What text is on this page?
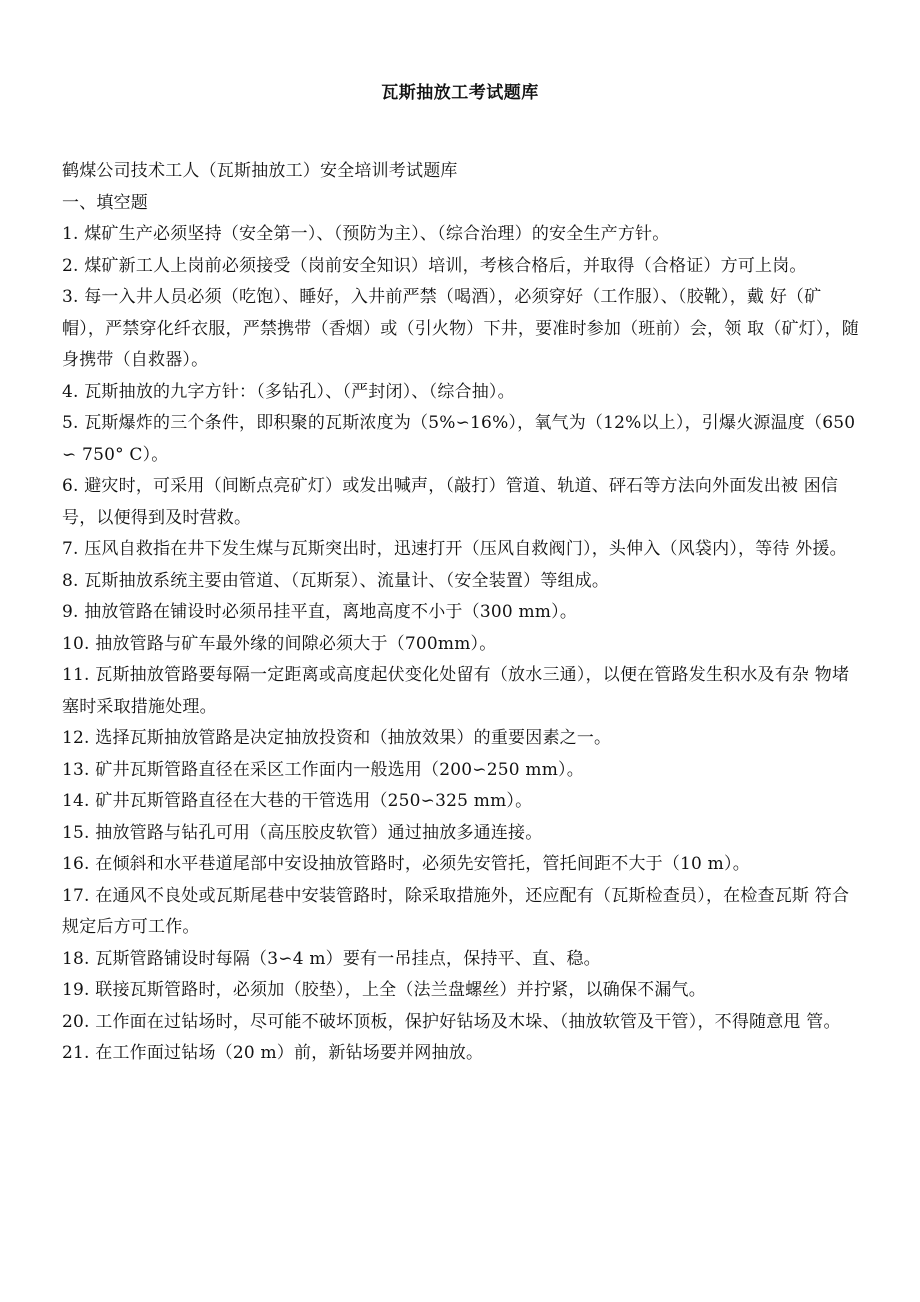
瓦斯抽放工考试题库
鹤煤公司技术工人（瓦斯抽放工）安全培训考试题库
一、填空题
1. 煤矿生产必须坚持（安全第一）、（预防为主）、（综合治理）的安全生产方针。
2. 煤矿新工人上岗前必须接受（岗前安全知识）培训，考核合格后，并取得（合格证）方可上岗。
3. 每一入井人员必须（吃饱）、睡好，入井前严禁（喝酒），必须穿好（工作服）、（胶靴），戴 好（矿帽），严禁穿化纤衣服，严禁携带（香烟）或（引火物）下井，要准时参加（班前）会，领 取（矿灯），随身携带（自救器）。
4. 瓦斯抽放的九字方针：（多钻孔）、（严封闭）、（综合抽）。
5. 瓦斯爆炸的三个条件，即积聚的瓦斯浓度为（5%∽16%），氧气为（12%以上），引爆火源温度（650∽ 750° C）。
6. 避灾时，可采用（间断点亮矿灯）或发出喊声，（敲打）管道、轨道、砰石等方法向外面发出被 困信号，以便得到及时营救。
7. 压风自救指在井下发生煤与瓦斯突出时，迅速打开（压风自救阀门），头伸入（风袋内），等待 外援。
8. 瓦斯抽放系统主要由管道、（瓦斯泵）、流量计、（安全装置）等组成。
9. 抽放管路在铺设时必须吊挂平直，离地高度不小于（300 mm）。
10. 抽放管路与矿车最外缘的间隙必须大于（700mm）。
11. 瓦斯抽放管路要每隔一定距离或高度起伏变化处留有（放水三通），以便在管路发生积水及有杂 物堵塞时采取措施处理。
12. 选择瓦斯抽放管路是决定抽放投资和（抽放效果）的重要因素之一。
13. 矿井瓦斯管路直径在采区工作面内一般选用（200∽250 mm）。
14. 矿井瓦斯管路直径在大巷的干管选用（250∽325 mm）。
15. 抽放管路与钻孔可用（高压胶皮软管）通过抽放多通连接。
16. 在倾斜和水平巷道尾部中安设抽放管路时，必须先安管托，管托间距不大于（10 m）。
17. 在通风不良处或瓦斯尾巷中安装管路时，除采取措施外，还应配有（瓦斯检查员），在检查瓦斯 符合规定后方可工作。
18. 瓦斯管路铺设时每隔（3∽4 m）要有一吊挂点，保持平、直、稳。
19. 联接瓦斯管路时，必须加（胶垫），上全（法兰盘螺丝）并拧紧，以确保不漏气。
20. 工作面在过钻场时，尽可能不破坏顶板，保护好钻场及木垛、（抽放软管及干管），不得随意甩 管。
21. 在工作面过钻场（20 m）前，新钻场要并网抽放。
